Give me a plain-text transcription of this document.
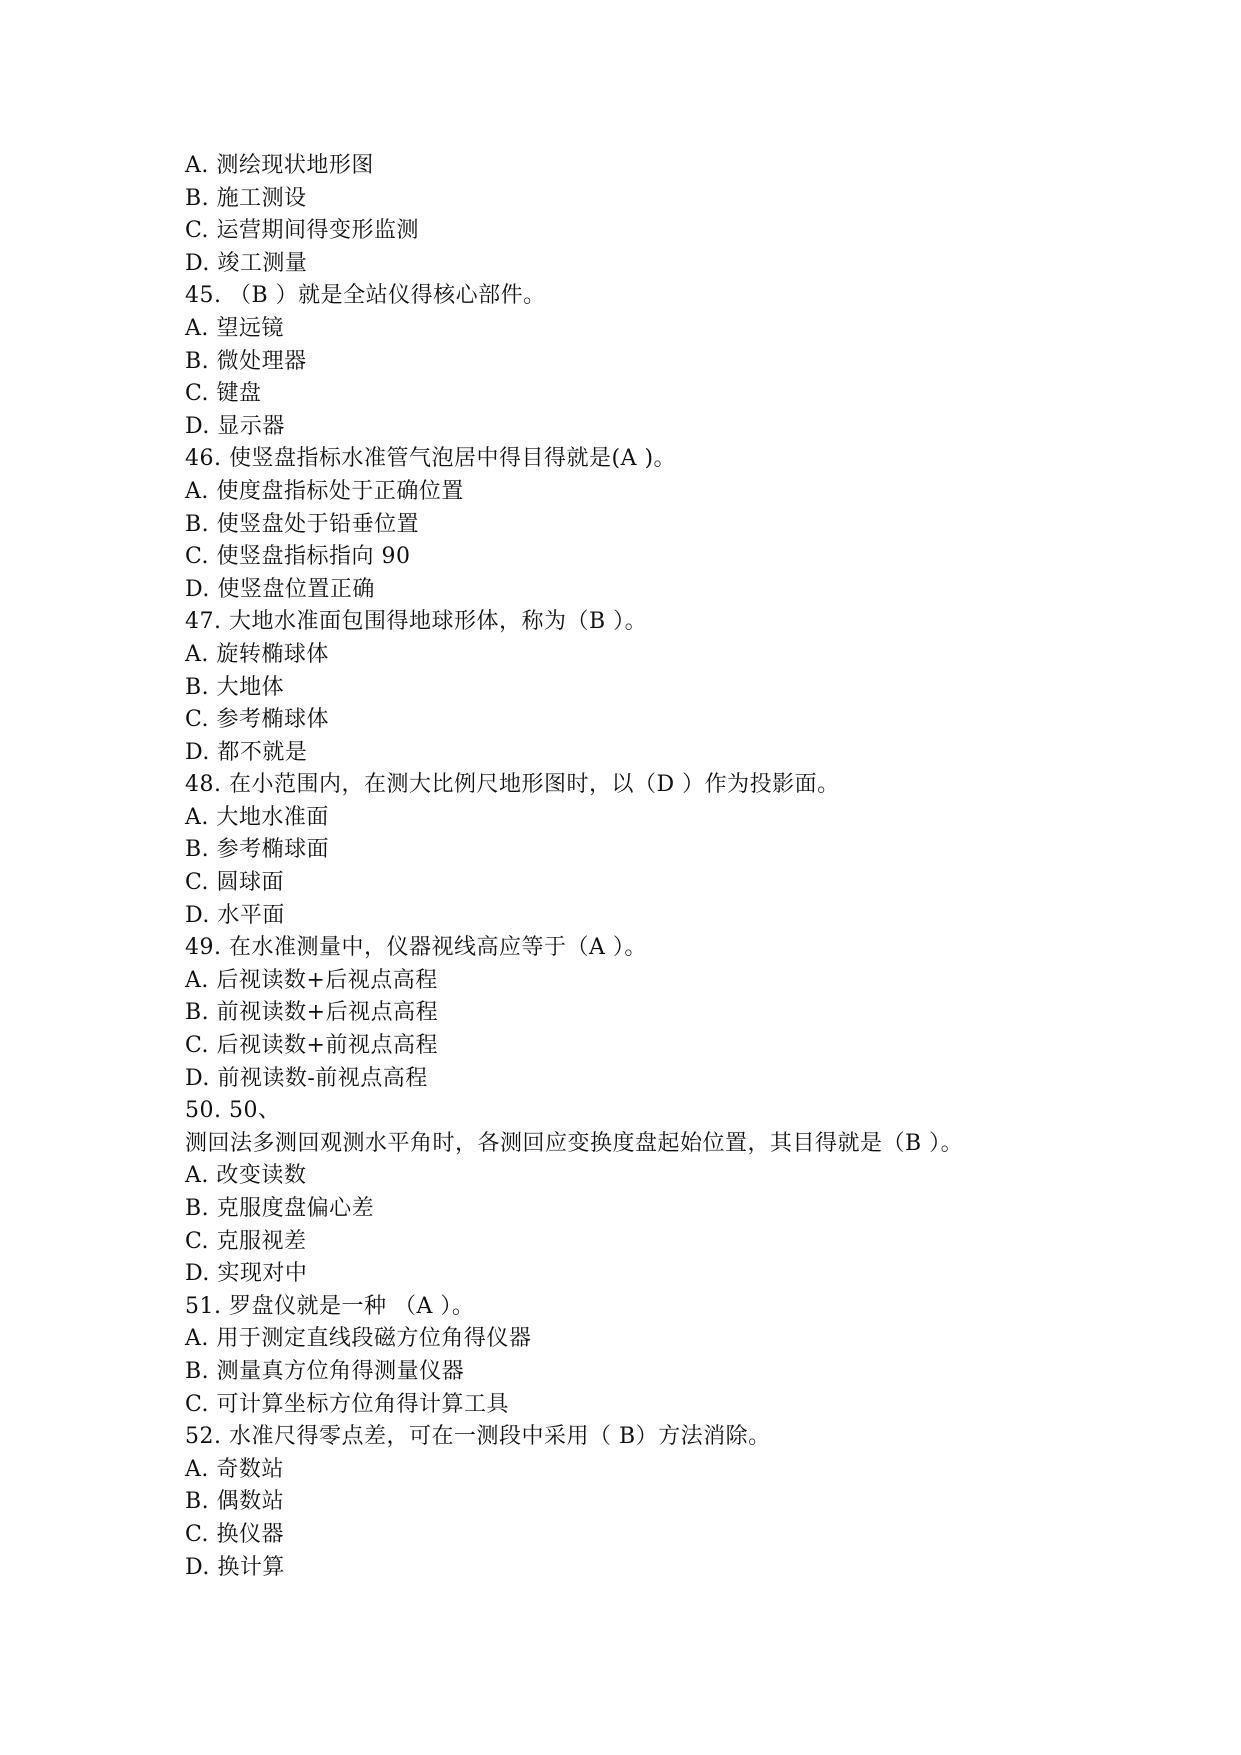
A. 测绘现状地形图
B. 施工测设
C. 运营期间得变形监测
D. 竣工测量
45. （B ）就是全站仪得核心部件。
A. 望远镜
B. 微处理器
C. 键盘
D. 显示器
46. 使竖盘指标水准管气泡居中得目得就是(A )。
A. 使度盘指标处于正确位置
B. 使竖盘处于铅垂位置
C. 使竖盘指标指向 90
D. 使竖盘位置正确
47. 大地水准面包围得地球形体，称为（B ）。
A. 旋转椭球体
B. 大地体
C. 参考椭球体
D. 都不就是
48. 在小范围内，在测大比例尺地形图时，以（D ）作为投影面。
A. 大地水准面
B. 参考椭球面
C. 圆球面
D. 水平面
49. 在水准测量中，仪器视线高应等于（A ）。
A. 后视读数+后视点高程
B. 前视读数+后视点高程
C. 后视读数+前视点高程
D. 前视读数-前视点高程
50. 50、
测回法多测回观测水平角时，各测回应变换度盘起始位置，其目得就是（B ）。
A. 改变读数
B. 克服度盘偏心差
C. 克服视差
D. 实现对中
51. 罗盘仪就是一种 （A ）。
A. 用于测定直线段磁方位角得仪器
B. 测量真方位角得测量仪器
C. 可计算坐标方位角得计算工具
52. 水准尺得零点差，可在一测段中采用（ B）方法消除。
A. 奇数站
B. 偶数站
C. 换仪器
D. 换计算
